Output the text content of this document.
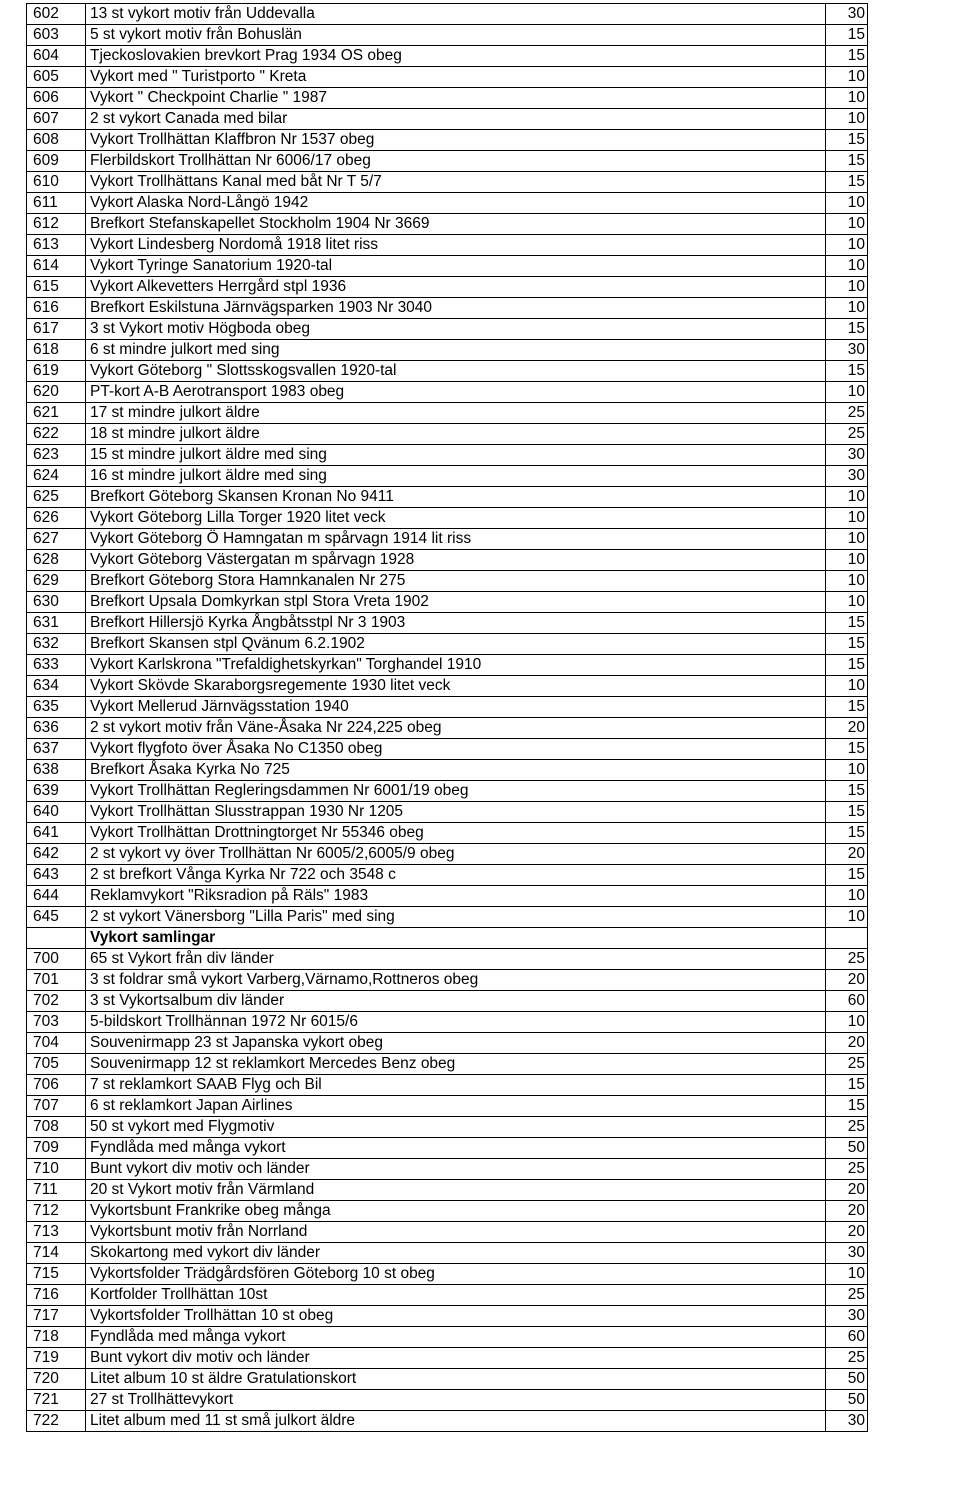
602	13 st vykort motiv från Uddevalla	30
603	5 st vykort motiv från Bohuslän	15
604	Tjeckoslovakien brevkort Prag 1934 OS obeg	15
605	Vykort med " Turistporto " Kreta	10
606	Vykort " Checkpoint Charlie " 1987	10
607	2 st vykort Canada med bilar	10
608	Vykort Trollhättan Klaffbron Nr 1537 obeg	15
609	Flerbildskort Trollhättan Nr 6006/17 obeg	15
610	Vykort Trollhättans Kanal med båt Nr T 5/7	15
611	Vykort Alaska Nord-Långö 1942	10
612	Brefkort Stefanskapellet Stockholm 1904 Nr 3669	10
613	Vykort Lindesberg Nordomå 1918 litet riss	10
614	Vykort Tyringe Sanatorium 1920-tal	10
615	Vykort Alkevetters Herrgård stpl 1936	10
616	Brefkort Eskilstuna Järnvägsparken 1903 Nr 3040	10
617	3 st Vykort motiv Högboda obeg	15
618	6 st mindre julkort med sing	30
619	Vykort Göteborg " Slottsskogsvallen 1920-tal	15
620	PT-kort A-B Aerotransport 1983 obeg	10
621	17 st mindre julkort äldre	25
622	18 st mindre julkort äldre	25
623	15 st mindre julkort äldre med sing	30
624	16 st mindre julkort äldre med sing	30
625	Brefkort Göteborg Skansen Kronan No 9411	10
626	Vykort Göteborg Lilla Torger 1920 litet veck	10
627	Vykort Göteborg Ö Hamngatan m spårvagn 1914 lit riss	10
628	Vykort Göteborg Västergatan m spårvagn 1928	10
629	Brefkort Göteborg Stora Hamnkanalen Nr 275	10
630	Brefkort Upsala Domkyrkan stpl Stora Vreta 1902	10
631	Brefkort Hillersjö Kyrka Ångbåtsstpl Nr 3 1903	15
632	Brefkort Skansen stpl Qvänum 6.2.1902	15
633	Vykort Karlskrona "Trefaldighetskyrkan" Torghandel 1910	15
634	Vykort Skövde Skaraborgsregemente 1930 litet veck	10
635	Vykort Mellerud Järnvägsstation 1940	15
636	2 st vykort motiv från Väne-Åsaka Nr 224,225 obeg	20
637	Vykort flygfoto över Åsaka No C1350 obeg	15
638	Brefkort Åsaka Kyrka No 725	10
639	Vykort Trollhättan Regleringsdammen Nr 6001/19 obeg	15
640	Vykort Trollhättan Slusstrappan 1930 Nr 1205	15
641	Vykort Trollhättan Drottningtorget Nr 55346 obeg	15
642	2 st vykort vy över Trollhättan Nr 6005/2,6005/9 obeg	20
643	2 st brefkort Vånga Kyrka Nr 722 och 3548 c	15
644	Reklamvykort "Riksradion på Räls" 1983	10
645	2 st vykort Vänersborg "Lilla Paris" med sing	10
	Vykort samlingar	
700	65 st Vykort från div länder	25
701	3 st foldrar små vykort Varberg,Värnamo,Rottneros obeg	20
702	3 st Vykortsalbum div länder	60
703	5-bildskort Trollhännan 1972 Nr 6015/6	10
704	Souvenirmapp 23 st Japanska vykort obeg	20
705	Souvenirmapp 12 st reklamkort Mercedes Benz obeg	25
706	7 st reklamkort SAAB Flyg och Bil	15
707	6 st reklamkort Japan Airlines	15
708	50 st vykort med Flygmotiv	25
709	Fyndlåda med många vykort	50
710	Bunt vykort div motiv och länder	25
711	20 st Vykort motiv från Värmland	20
712	Vykortsbunt Frankrike obeg många	20
713	Vykortsbunt motiv från Norrland	20
714	Skokartong med vykort div länder	30
715	Vykortsfolder Trädgårdsfören Göteborg 10 st obeg	10
716	Kortfolder Trollhättan 10st	25
717	Vykortsfolder Trollhättan 10 st obeg	30
718	Fyndlåda med många vykort	60
719	Bunt vykort div motiv och länder	25
720	Litet album 10 st äldre Gratulationskort	50
721	27 st Trollhättevykort	50
722	Litet album med 11 st små julkort äldre	30
